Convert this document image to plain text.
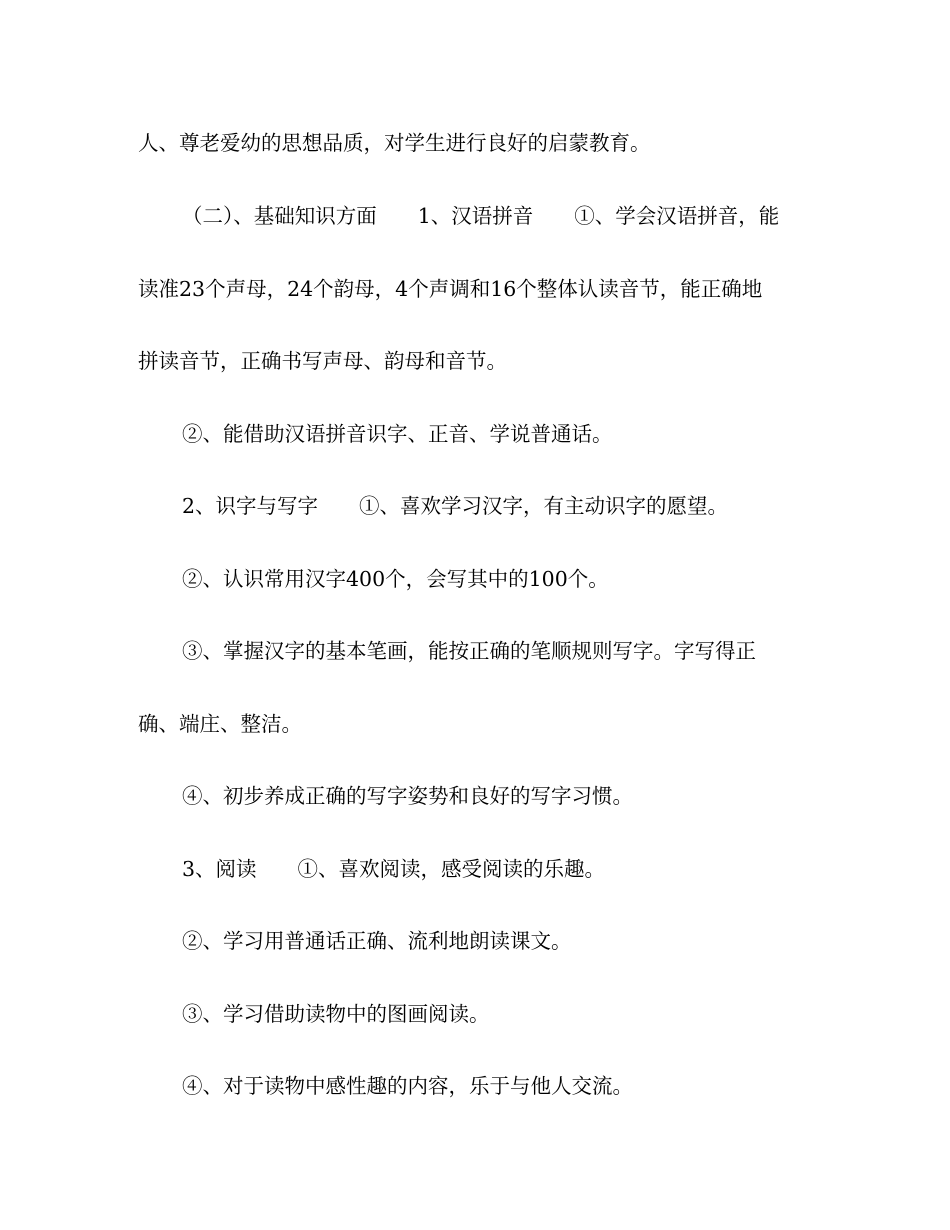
人、尊老爱幼的思想品质，对学生进行良好的启蒙教育。
（二）、基础知识方面　　1、汉语拼音　　①、学会汉语拼音，能
读准23个声母，24个韵母，4个声调和16个整体认读音节，能正确地
拼读音节，正确书写声母、韵母和音节。
②、能借助汉语拼音识字、正音、学说普通话。
2、识字与写字　　①、喜欢学习汉字，有主动识字的愿望。
②、认识常用汉字400个，会写其中的100个。
③、掌握汉字的基本笔画，能按正确的笔顺规则写字。字写得正
确、端庄、整洁。
④、初步养成正确的写字姿势和良好的写字习惯。
3、阅读　　①、喜欢阅读，感受阅读的乐趣。
②、学习用普通话正确、流利地朗读课文。
③、学习借助读物中的图画阅读。
④、对于读物中感性趣的内容，乐于与他人交流。
